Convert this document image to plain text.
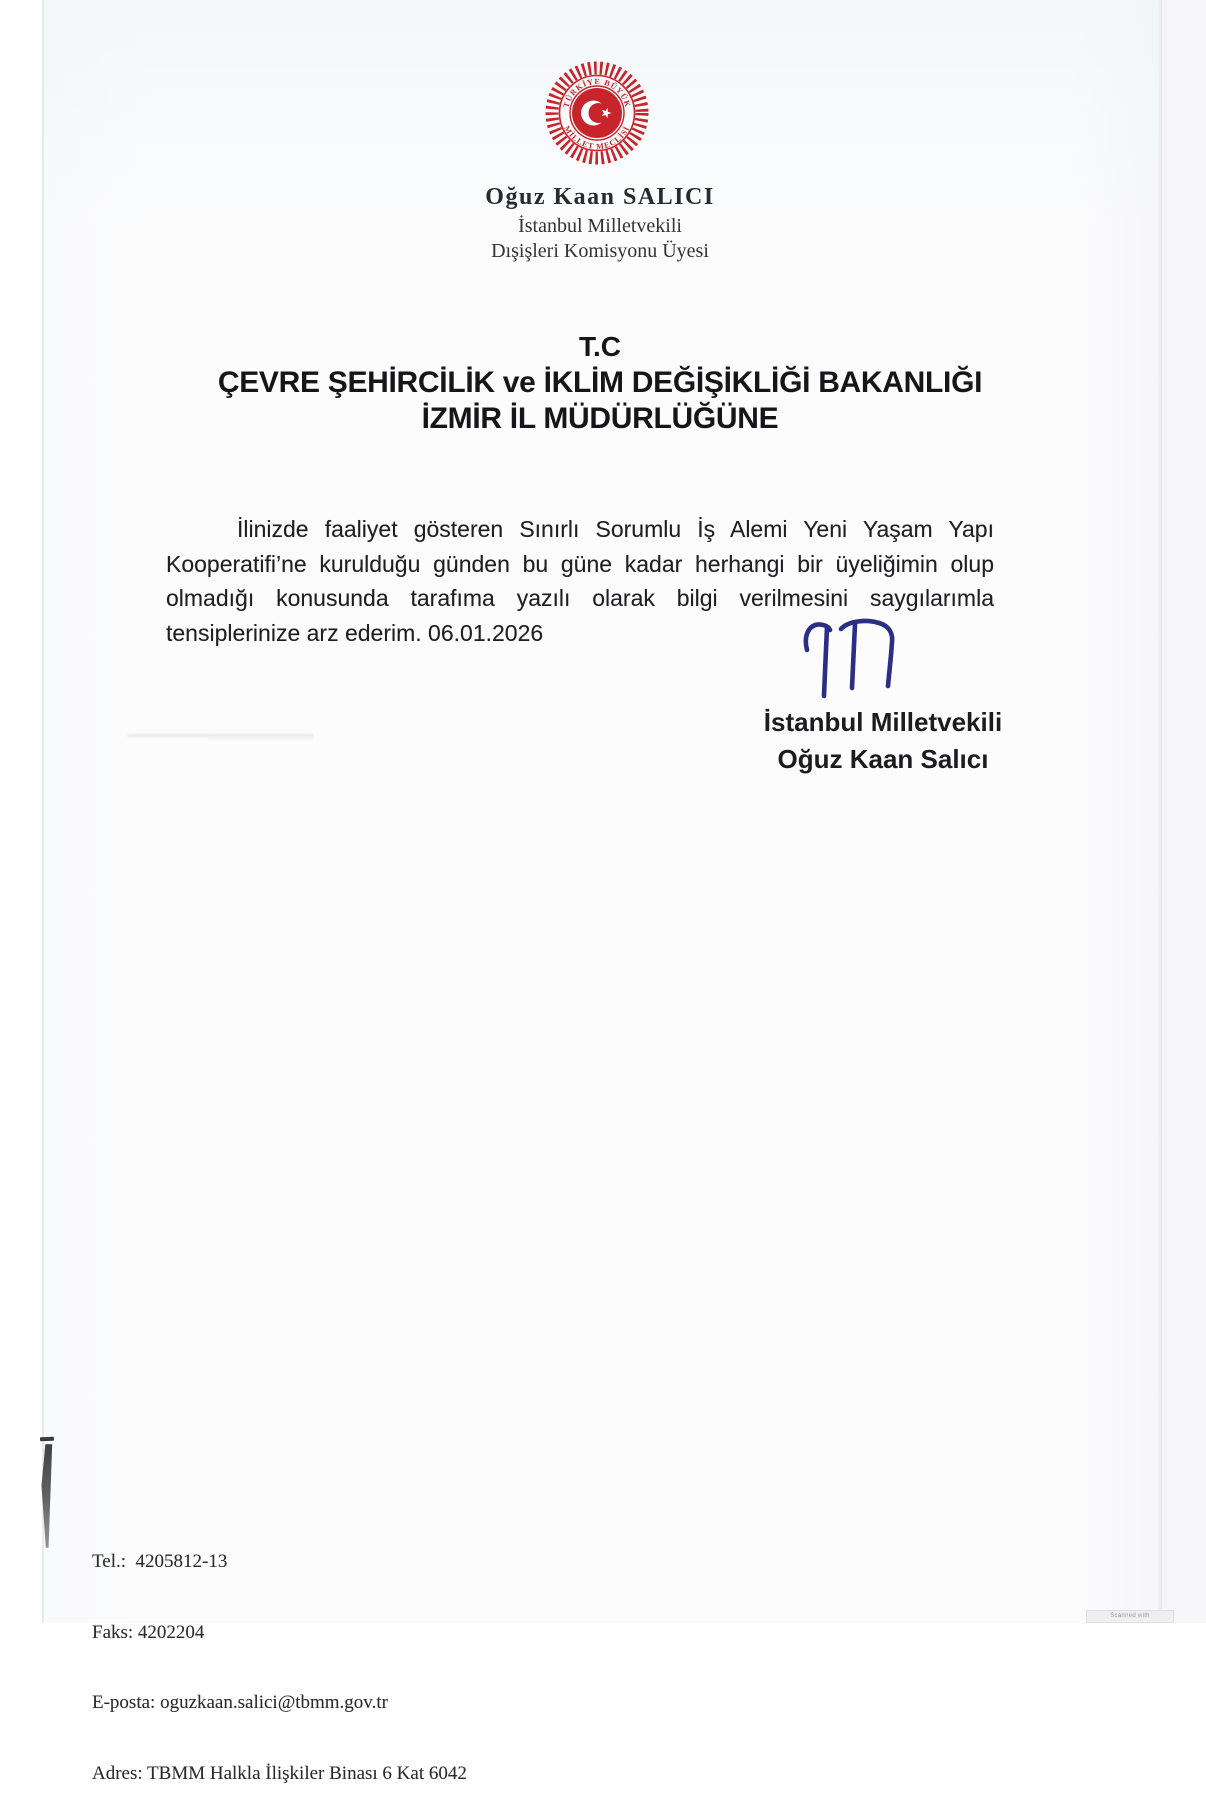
TÜRKİYE BÜYÜK
MİLLET MECLİSİ
Oğuz Kaan SALICI
İstanbul Milletvekili
Dışişleri Komisyonu Üyesi
T.C
ÇEVRE ŞEHİRCİLİK ve İKLİM DEĞİŞİKLİĞİ BAKANLIĞI
İZMİR İL MÜDÜRLÜĞÜNE
İlinizde faaliyet gösteren Sınırlı Sorumlu İş Alemi Yeni Yaşam Yapı
Kooperatifi’ne kurulduğu günden bu güne kadar herhangi bir üyeliğimin olup
olmadığı konusunda tarafıma yazılı olarak bilgi verilmesini saygılarımla
tensiplerinize arz ederim. 06.01.2026
İstanbul Milletvekili
Oğuz Kaan Salıcı

Tel.:  4205812-13

Faks: 4202204

E-posta: oguzkaan.salici@tbmm.gov.tr

Adres: TBMM Halkla İlişkiler Binası 6 Kat 6042

Scanned with
